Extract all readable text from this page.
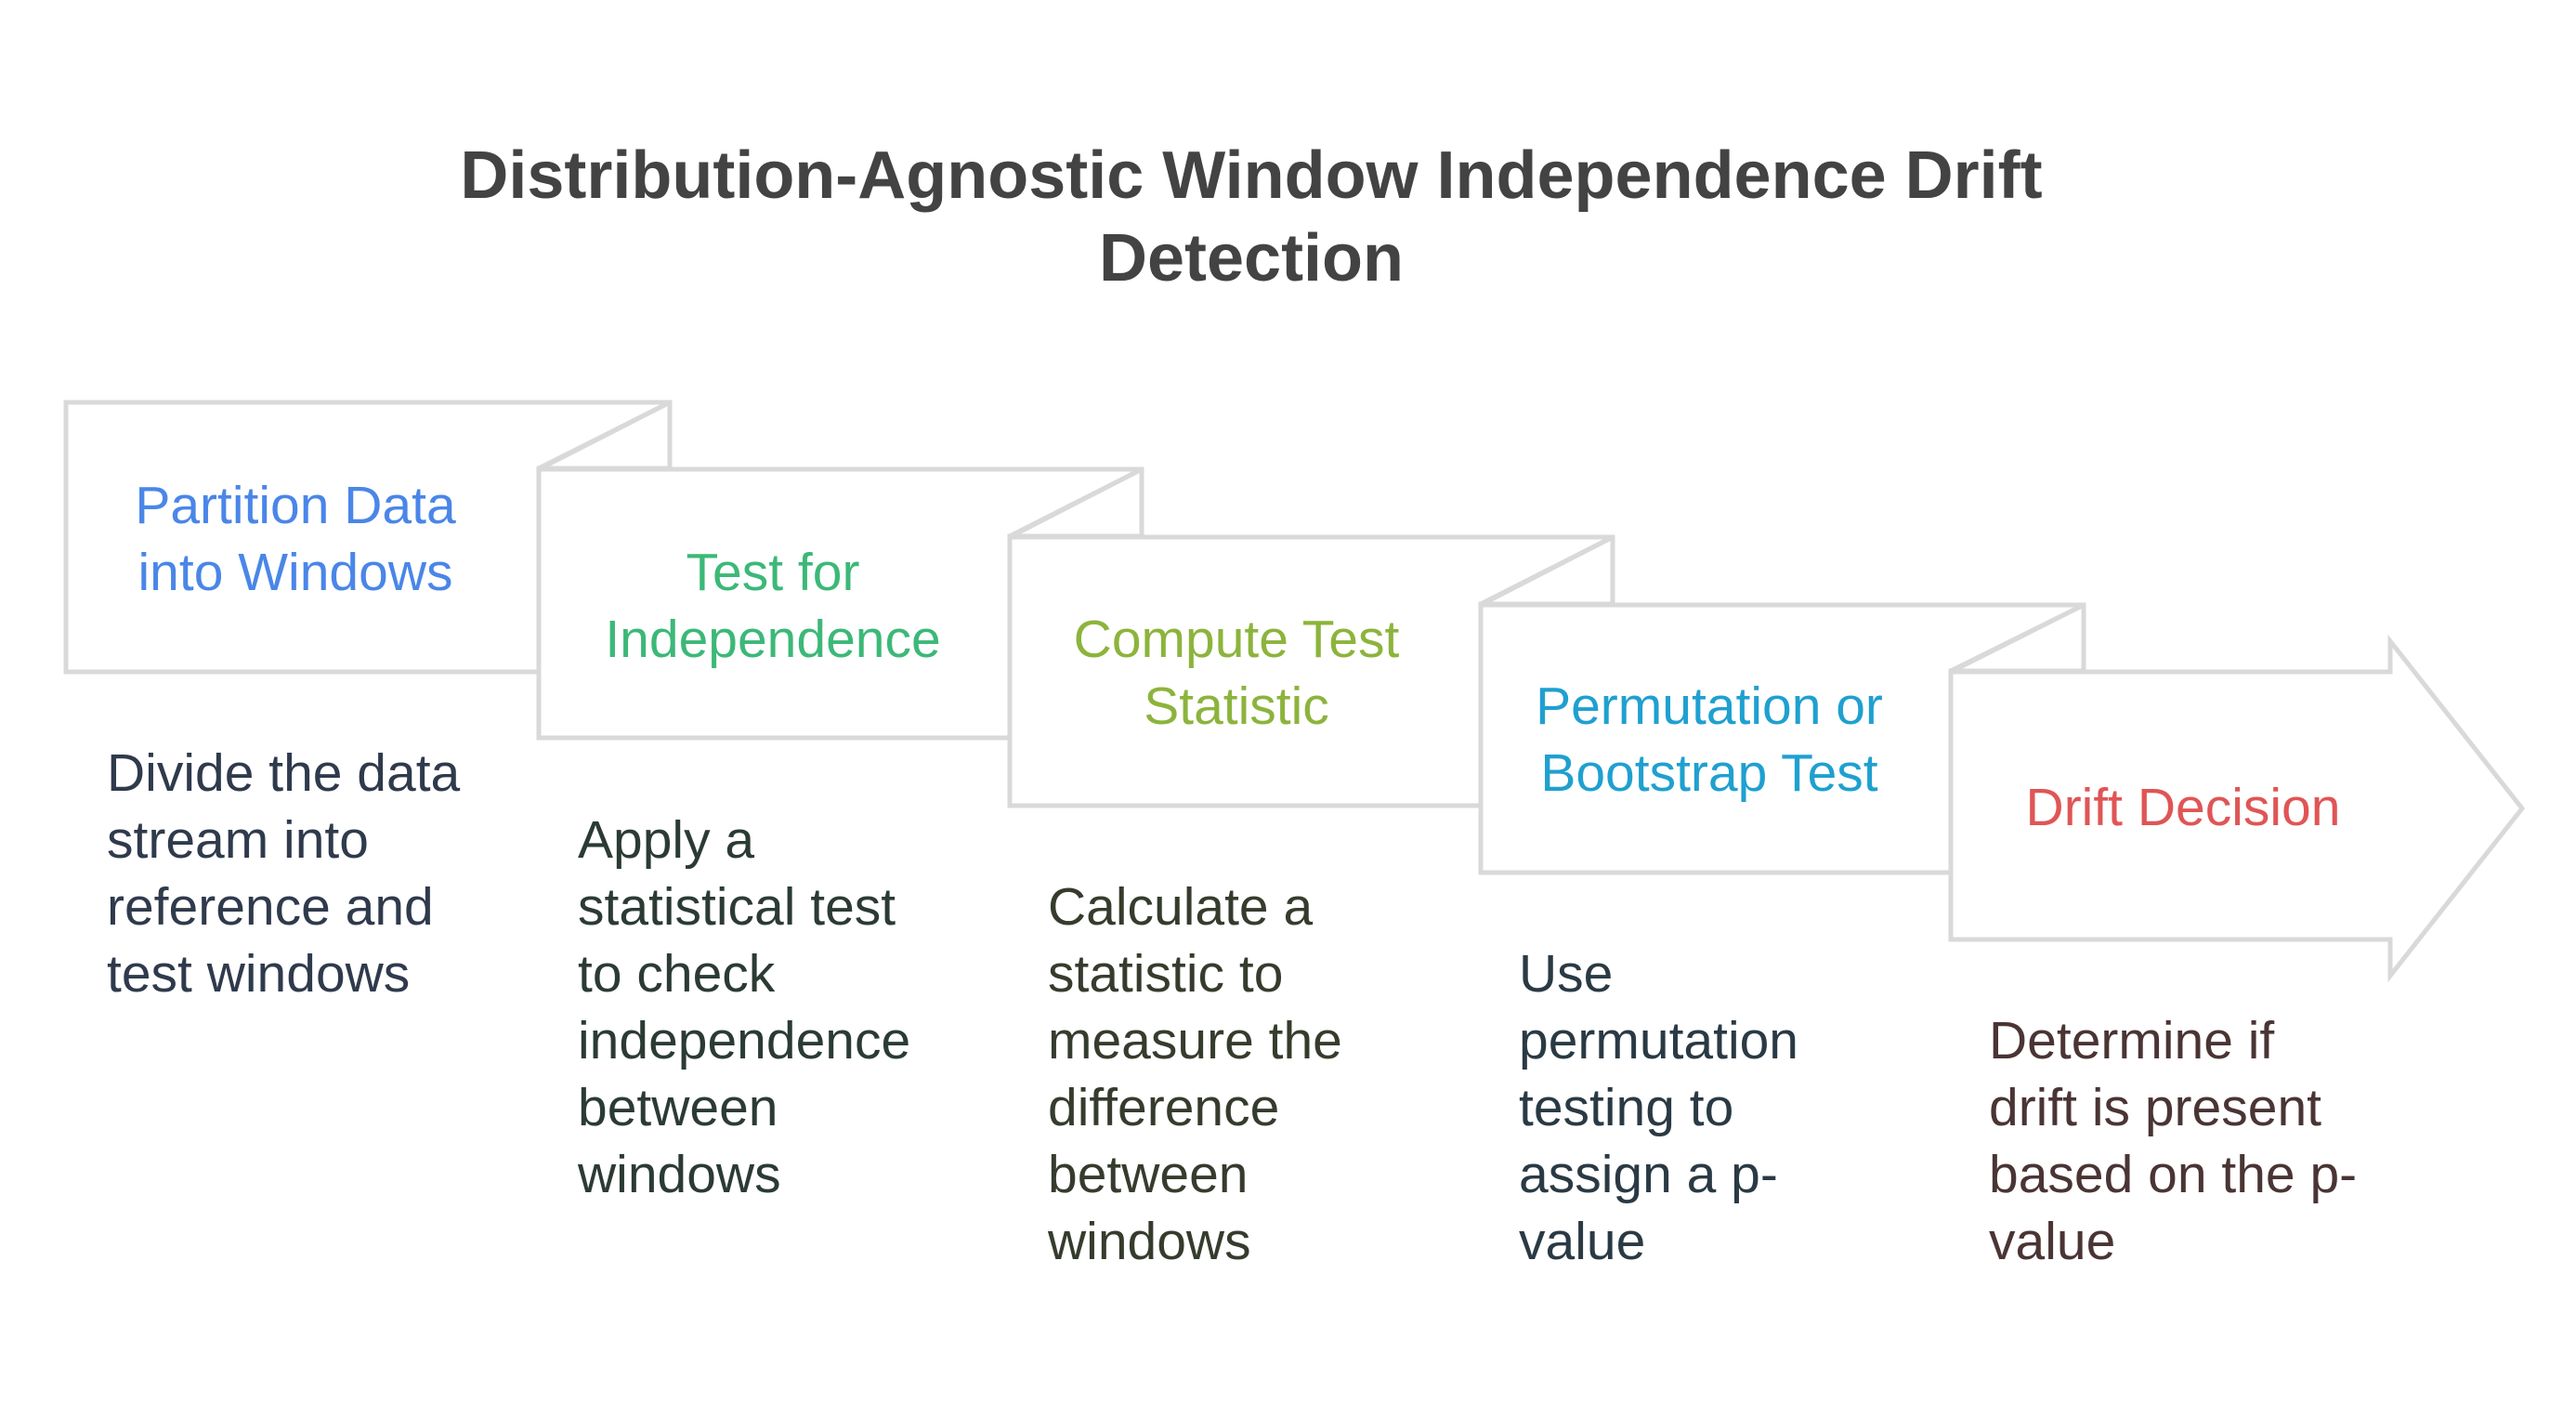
Distribution-Agnostic Window Independence Drift
Detection
Partition Data
into Windows	Test for
Independence	Compute Test
Statistic	Permutation or
Bootstrap Test
Drift Decision
Divide the data
stream into
reference and
test windows
Apply a
statistical test
to check
independence
between
windows
Calculate a
statistic to
measure the
difference
between
windows
Use
permutation
testing to
assign a p-
value
Determine if
drift is present
based on the p-
value
